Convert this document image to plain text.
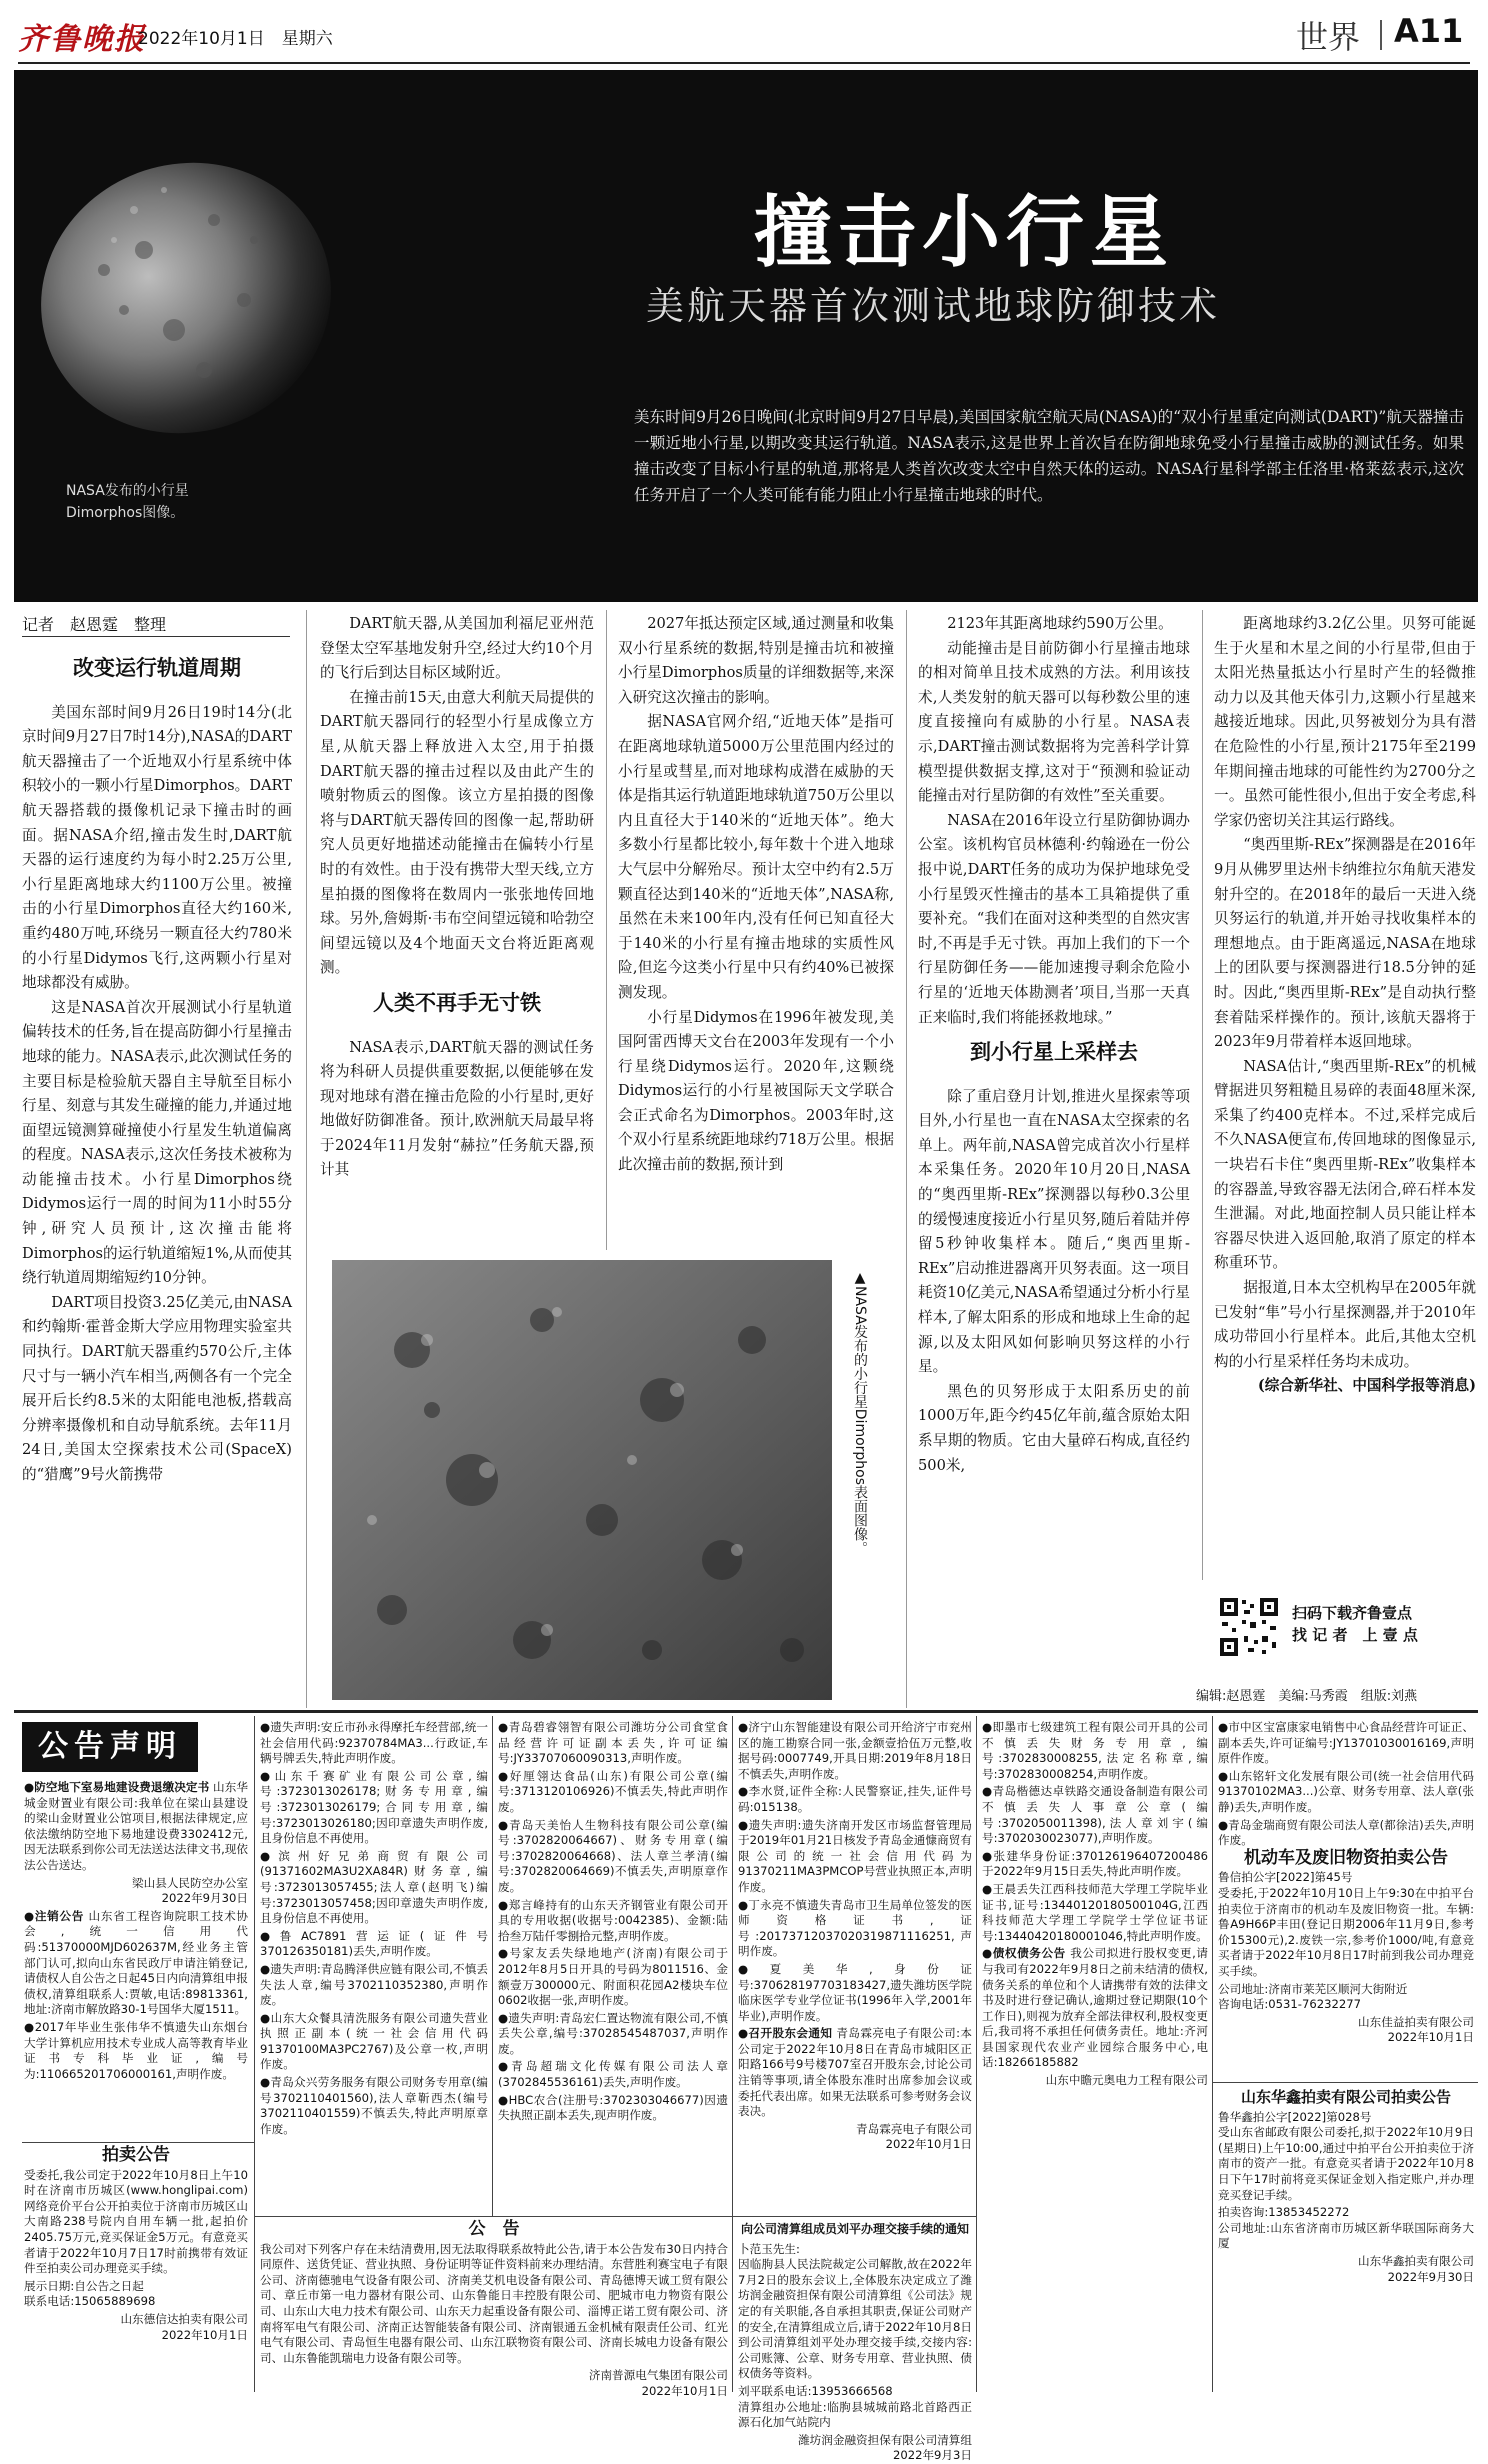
齐鲁晚报
2022年10月1日　星期六	世界 A11
NASA发布的小行星Dimorphos图像。
撞击小行星
美航天器首次测试地球防御技术
美东时间9月26日晚间(北京时间9月27日早晨),美国国家航空航天局(NASA)的“双小行星重定向测试(DART)”航天器撞击一颗近地小行星,以期改变其运行轨道。NASA表示,这是世界上首次旨在防御地球免受小行星撞击威胁的测试任务。如果撞击改变了目标小行星的轨道,那将是人类首次改变太空中自然天体的运动。NASA行星科学部主任洛里·格莱兹表示,这次任务开启了一个人类可能有能力阻止小行星撞击地球的时代。
记者　赵恩霆　整理
改变运行轨道周期

美国东部时间9月26日19时14分(北京时间9月27日7时14分),NASA的DART航天器撞击了一个近地双小行星系统中体积较小的一颗小行星Dimorphos。DART航天器搭载的摄像机记录下撞击时的画面。据NASA介绍,撞击发生时,DART航天器的运行速度约为每小时2.25万公里,小行星距离地球大约1100万公里。被撞击的小行星Dimorphos直径大约160米,重约480万吨,环绕另一颗直径大约780米的小行星Didymos飞行,这两颗小行星对地球都没有威胁。

这是NASA首次开展测试小行星轨道偏转技术的任务,旨在提高防御小行星撞击地球的能力。NASA表示,此次测试任务的主要目标是检验航天器自主导航至目标小行星、刻意与其发生碰撞的能力,并通过地面望远镜测算碰撞使小行星发生轨道偏离的程度。NASA表示,这次任务技术被称为动能撞击技术。小行星Dimorphos绕Didymos运行一周的时间为11小时55分钟,研究人员预计,这次撞击能将Dimorphos的运行轨道缩短1%,从而使其绕行轨道周期缩短约10分钟。

DART项目投资3.25亿美元,由NASA和约翰斯·霍普金斯大学应用物理实验室共同执行。DART航天器重约570公斤,主体尺寸与一辆小汽车相当,两侧各有一个完全展开后长约8.5米的太阳能电池板,搭载高分辨率摄像机和自动导航系统。去年11月24日,美国太空探索技术公司(SpaceX)的“猎鹰”9号火箭携带

DART航天器,从美国加利福尼亚州范登堡太空军基地发射升空,经过大约10个月的飞行后到达目标区域附近。

在撞击前15天,由意大利航天局提供的DART航天器同行的轻型小行星成像立方星,从航天器上释放进入太空,用于拍摄DART航天器的撞击过程以及由此产生的喷射物质云的图像。该立方星拍摄的图像将与DART航天器传回的图像一起,帮助研究人员更好地描述动能撞击在偏转小行星时的有效性。由于没有携带大型天线,立方星拍摄的图像将在数周内一张张地传回地球。另外,詹姆斯·韦布空间望远镜和哈勃空间望远镜以及4个地面天文台将近距离观测。

人类不再手无寸铁

NASA表示,DART航天器的测试任务将为科研人员提供重要数据,以便能够在发现对地球有潜在撞击危险的小行星时,更好地做好防御准备。预计,欧洲航天局最早将于2024年11月发射“赫拉”任务航天器,预计其

2027年抵达预定区域,通过测量和收集双小行星系统的数据,特别是撞击坑和被撞小行星Dimorphos质量的详细数据等,来深入研究这次撞击的影响。

据NASA官网介绍,“近地天体”是指可在距离地球轨道5000万公里范围内经过的小行星或彗星,而对地球构成潜在威胁的天体是指其运行轨道距地球轨道750万公里以内且直径大于140米的“近地天体”。绝大多数小行星都比较小,每年数十个进入地球大气层中分解殆尽。预计太空中约有2.5万颗直径达到140米的“近地天体”,NASA称,虽然在未来100年内,没有任何已知直径大于140米的小行星有撞击地球的实质性风险,但迄今这类小行星中只有约40%已被探测发现。

小行星Didymos在1996年被发现,美国阿雷西博天文台在2003年发现有一个小行星绕Didymos运行。2020年,这颗绕Didymos运行的小行星被国际天文学联合会正式命名为Dimorphos。2003年时,这个双小行星系统距地球约718万公里。根据此次撞击前的数据,预计到

2123年其距离地球约590万公里。

动能撞击是目前防御小行星撞击地球的相对简单且技术成熟的方法。利用该技术,人类发射的航天器可以每秒数公里的速度直接撞向有威胁的小行星。NASA表示,DART撞击测试数据将为完善科学计算模型提供数据支撑,这对于“预测和验证动能撞击对行星防御的有效性”至关重要。

NASA在2016年设立行星防御协调办公室。该机构官员林德利·约翰逊在一份公报中说,DART任务的成功为保护地球免受小行星毁灭性撞击的基本工具箱提供了重要补充。“我们在面对这种类型的自然灾害时,不再是手无寸铁。再加上我们的下一个行星防御任务——能加速搜寻剩余危险小行星的‘近地天体勘测者’项目,当那一天真正来临时,我们将能拯救地球。”

到小行星上采样去

除了重启登月计划,推进火星探索等项目外,小行星也一直在NASA太空探索的名单上。两年前,NASA曾完成首次小行星样本采集任务。2020年10月20日,NASA的“奥西里斯-REx”探测器以每秒0.3公里的缓慢速度接近小行星贝努,随后着陆并停留5秒钟收集样本。随后,“奥西里斯-REx”启动推进器离开贝努表面。这一项目耗资10亿美元,NASA希望通过分析小行星样本,了解太阳系的形成和地球上生命的起源,以及太阳风如何影响贝努这样的小行星。

黑色的贝努形成于太阳系历史的前1000万年,距今约45亿年前,蕴含原始太阳系早期的物质。它由大量碎石构成,直径约500米,

距离地球约3.2亿公里。贝努可能诞生于火星和木星之间的小行星带,但由于太阳光热量抵达小行星时产生的轻微推动力以及其他天体引力,这颗小行星越来越接近地球。因此,贝努被划分为具有潜在危险性的小行星,预计2175年至2199年期间撞击地球的可能性约为2700分之一。虽然可能性很小,但出于安全考虑,科学家仍密切关注其运行路线。

“奥西里斯-REx”探测器是在2016年9月从佛罗里达州卡纳维拉尔角航天港发射升空的。在2018年的最后一天进入绕贝努运行的轨道,并开始寻找收集样本的理想地点。由于距离遥远,NASA在地球上的团队要与探测器进行18.5分钟的延时。因此,“奥西里斯-REx”是自动执行整套着陆采样操作的。预计,该航天器将于2023年9月带着样本返回地球。

NASA估计,“奥西里斯-REx”的机械臂据进贝努粗糙且易碎的表面48厘米深,采集了约400克样本。不过,采样完成后不久NASA便宣布,传回地球的图像显示,一块岩石卡住“奥西里斯-REx”收集样本的容器盖,导致容器无法闭合,碎石样本发生泄漏。对此,地面控制人员只能让样本容器尽快进入返回舱,取消了原定的样本称重环节。

据报道,日本太空机构早在2005年就已发射“隼”号小行星探测器,并于2010年成功带回小行星样本。此后,其他太空机构的小行星采样任务均未成功。

(综合新华社、中国科学报等消息)

▲NASA发布的小行星Dimorphos表面图像。
扫码下载齐鲁壹点
找 记 者　上 壹 点
编辑:赵恩霆　美编:马秀霞　组版:刘燕
公告声明
●防空地下室易地建设费退缴决定书 山东华城金财置业有限公司:我单位在梁山县建设的梁山金财置业公馆项目,根据法律规定,应依法缴纳防空地下易地建设费3302412元,因无法联系到你公司无法送达法律文书,现依法公告送达。
梁山县人民防空办公室
2022年9月30日
●注销公告 山东省工程咨询院职工技术协会,统一信用代码:51370000MJD602637M,经业务主管部门认可,拟向山东省民政厅申请注销登记,请债权人自公告之日起45日内向清算组申报债权,清算组联系人:贾敏,电话:89813361,地址:济南市解放路30-1号国华大厦1511。
●2017年毕业生张伟华不慎遗失山东烟台大学计算机应用技术专业成人高等教育毕业证书专科毕业证,编号为:110665201706000161,声明作废。
拍卖公告
受委托,我公司定于2022年10月8日上午10时在济南市历城区(www.honglipai.com)网络竞价平台公开拍卖位于济南市历城区山大南路238号院内自用车辆一批,起拍价2405.75万元,竞买保证金5万元。有意竞买者请于2022年10月7日17时前携带有效证件至拍卖公司办理竞买手续。
展示日期:自公告之日起
联系电话:15065889698
山东德信达拍卖有限公司
2022年10月1日
●遗失声明:安丘市孙永得摩托车经营部,统一社会信用代码:92370784MA3...行政证,车辆号牌丢失,特此声明作废。
●山东千赛矿业有限公司公章,编号:3723013026178;财务专用章,编号:3723013026179;合同专用章,编号:3723013026180;因印章遗失声明作废,且身份信息不再使用。
●滨州好兄弟商贸有限公司(91371602MA3U2XA84R)财务章,编号:3723013057455;法人章(赵明飞)编号:3723013057458;因印章遗失声明作废,且身份信息不再使用。
●鲁AC7891营运证(证件号370126350181)丢失,声明作废。
●遗失声明:青岛腾泽供应链有限公司,不慎丢失法人章,编号3702110352380,声明作废。
●山东大众餐具清洗服务有限公司遗失营业执照正副本(统一社会信用代码91370100MA3PC2767)及公章一枚,声明作废。
●青岛众兴劳务服务有限公司财务专用章(编号3702110401560),法人章靳西杰(编号3702110401559)不慎丢失,特此声明原章作废。
●青岛碧睿翎智有限公司潍坊分公司食堂食品经营许可证副本丢失,许可证编号:JY33707060090313,声明作废。
●好厘翎达食品(山东)有限公司公章(编号:3713120106926)不慎丢失,特此声明作废。
●青岛天美怡人生物科技有限公司公章(编号:3702820064667)、财务专用章(编号:3702820064668)、法人章兰孝清(编号:3702820064669)不慎丢失,声明原章作废。
●郑言峰持有的山东天齐钢管业有限公司开具的专用收据(收据号:0042385)、金额:陆拾叁万陆仟零捌拾元整,声明作废。
●号家友丢失绿地地产(济南)有限公司于2012年8月5日开具的号码为8011516、金额壹万300000元、附面积花园A2楼块车位0602收据一张,声明作废。
●遗失声明:青岛宏仁置达物流有限公司,不慎丢失公章,编号:37028545487037,声明作废。
●青岛超瑞文化传媒有限公司法人章(3702845536161)丢失,声明作废。
●HBC农合(注册号:3702303046677)因遗失执照正副本丢失,现声明作废。
●济宁山东智能建设有限公司开给济宁市兖州区的施工勘察合同一张,金额壹拾伍万元整,收据号码:0007749,开具日期:2019年8月18日不慎丢失,声明作废。
●李水贤,证件全称:人民警察证,挂失,证件号码:015138。
●遗失声明:遗失济南开发区市场监督管理局于2019年01月21日核发予青岛金通慷商贸有限公司的统一社会信用代码为91370211MA3PMCOP号营业执照正本,声明作废。
●丁永亮不慎遗失青岛市卫生局单位签发的医师资格证书,证号:20173712037020319871116251,声明作废。
●夏美华,身份证号:370628197703183427,遗失潍坊医学院临床医学专业学位证书(1996年入学,2001年毕业),声明作废。
●召开股东会通知 青岛霖亮电子有限公司:本公司定于2022年10月8日在青岛市城阳区正阳路166号9号楼707室召开股东会,讨论公司注销等事项,请全体股东准时出席参加会议或委托代表出席。如果无法联系可参考财务会议表决。
青岛霖亮电子有限公司
2022年10月1日
●即墨市七级建筑工程有限公司开具的公司不慎丢失财务专用章,编号:3702830008255,法定名称章,编号:3702830008254,声明作废。
●青岛楷德达卓铁路交通设备制造有限公司不慎丢失人事章公章(编号:3702050011398),法人章刘宇(编号:3702030023077),声明作废。
●张建华身份证:370126196407200486于2022年9月15日丢失,特此声明作废。
●王晨丢失江西科技师范大学理工学院毕业证书,证号:13440120180500104G,江西科技师范大学理工学院学士学位证书证号:13440420180001046,特此声明作废。
●债权债务公告 我公司拟进行股权变更,请与我司有2022年9月8日之前未结清的债权,债务关系的单位和个人请携带有效的法律文书及时进行登记确认,逾期过登记期限(10个工作日),则视为放弃全部法律权利,股权变更后,我司将不承担任何债务责任。地址:齐河县国家现代农业产业园综合服务中心,电话:18266185882
山东中瞻元奥电力工程有限公司
●市中区宝富康家电销售中心食品经营许可证正、副本丢失,许可证编号:JY13701030016169,声明原件作废。
●山东铭轩文化发展有限公司(统一社会信用代码91370102MA3...)公章、财务专用章、法人章(张静)丢失,声明作废。
●青岛金瑞商贸有限公司法人章(都徐洁)丢失,声明作废。
机动车及废旧物资拍卖公告
鲁信拍公字[2022]第45号
受委托,于2022年10月10日上午9:30在中拍平台拍卖位于济南市的机动车及废旧物资一批。车辆:鲁A9H66P丰田(登记日期2006年11月9日,参考价15300元),2.废铁一宗,参考价1000/吨,有意竞买者请于2022年10月8日17时前到我公司办理竞买手续。
公司地址:济南市莱芜区顺河大街附近
咨询电话:0531-76232277
山东佳益拍卖有限公司
2022年10月1日
山东华鑫拍卖有限公司拍卖公告
鲁华鑫拍公字[2022]第028号
受山东省邮政有限公司委托,拟于2022年10月9日(星期日)上午10:00,通过中拍平台公开拍卖位于济南市的资产一批。有意竞买者请于2022年10月8日下午17时前将竞买保证金划入指定账户,并办理竞买登记手续。
拍卖咨询:13853452272
公司地址:山东省济南市历城区新华联国际商务大厦
山东华鑫拍卖有限公司
2022年9月30日
公　告
我公司对下列客户存在未结清费用,因无法取得联系故特此公告,请于本公告发布30日内持合同原件、送货凭证、营业执照、身份证明等证件资料前来办理结清。东营胜利赛宝电子有限公司、济南德驰电气设备有限公司、济南美艾机电设备有限公司、青岛德博天诚工贸有限公司、章丘市第一电力器材有限公司、山东鲁能日丰控股有限公司、肥城市电力物资有限公司、山东山大电力技术有限公司、山东天力起重设备有限公司、淄博正诺工贸有限公司、济南将军电气有限公司、济南正达智能装备有限公司、济南银通五金机械有限责任公司、红光电气有限公司、青岛恒生电器有限公司、山东江联物资有限公司、济南长城电力设备有限公司、山东鲁能凯瑞电力设备有限公司等。
济南普源电气集团有限公司
2022年10月1日
向公司清算组成员刘平办理交接手续的通知
卜范玉先生:
因临朐县人民法院裁定公司解散,故在2022年7月2日的股东会议上,全体股东决定成立了潍坊润金融资担保有限公司清算组《公司法》规定的有关职能,各自承担其职责,保证公司财产的安全,在清算组成立后,请于2022年10月8日到公司清算组刘平处办理交接手续,交接内容:公司账簿、公章、财务专用章、营业执照、债权债务等资料。
刘平联系电话:13953666568
清算组办公地址:临朐县城城前路北首路西正源石化加气站院内
潍坊润金融资担保有限公司清算组
2022年9月3日
